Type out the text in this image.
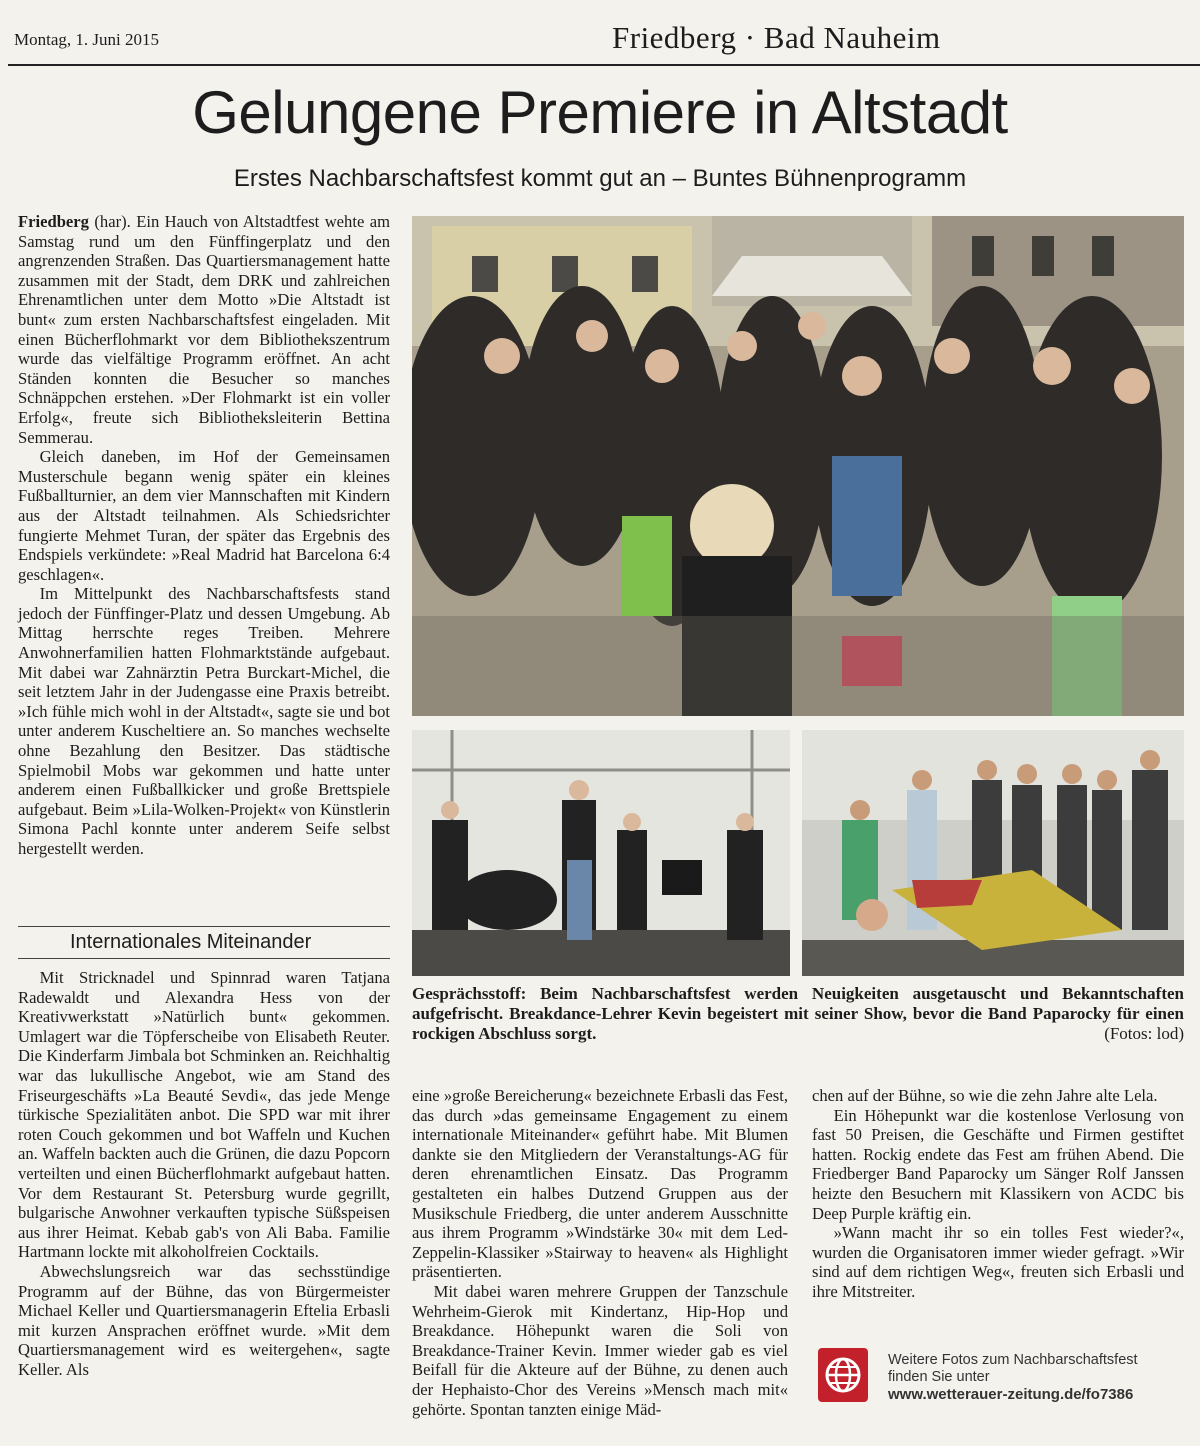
Montag, 1. Juni 2015	Friedberg · Bad Nauheim
Gelungene Premiere in Altstadt
Erstes Nachbarschaftsfest kommt gut an – Buntes Bühnenprogramm

Friedberg (har). Ein Hauch von Altstadtfest wehte am Samstag rund um den Fünffingerplatz und den angrenzenden Straßen. Das Quartiersmanagement hatte zusammen mit der Stadt, dem DRK und zahlreichen Ehrenamtlichen unter dem Motto »Die Altstadt ist bunt« zum ersten Nachbarschaftsfest eingeladen. Mit einen Bücherflohmarkt vor dem Bibliothekszentrum wurde das vielfältige Programm eröffnet. An acht Ständen konnten die Besucher so manches Schnäppchen erstehen. »Der Flohmarkt ist ein voller Erfolg«, freute sich Bibliotheksleiterin Bettina Semmerau.

Gleich daneben, im Hof der Gemeinsamen Musterschule begann wenig später ein kleines Fußballturnier, an dem vier Mannschaften mit Kindern aus der Altstadt teilnahmen. Als Schiedsrichter fungierte Mehmet Turan, der später das Ergebnis des Endspiels verkündete: »Real Madrid hat Barcelona 6:4 geschlagen«.

Im Mittelpunkt des Nachbarschaftsfests stand jedoch der Fünffinger-Platz und dessen Umgebung. Ab Mittag herrschte reges Treiben. Mehrere Anwohnerfamilien hatten Flohmarktstände aufgebaut. Mit dabei war Zahnärztin Petra Burckart-Michel, die seit letztem Jahr in der Judengasse eine Praxis betreibt. »Ich fühle mich wohl in der Altstadt«, sagte sie und bot unter anderem Kuscheltiere an. So manches wechselte ohne Bezahlung den Besitzer. Das städtische Spielmobil Mobs war gekommen und hatte unter anderem einen Fußballkicker und große Brettspiele aufgebaut. Beim »Lila-Wolken-Projekt« von Künstlerin Simona Pachl konnte unter anderem Seife selbst hergestellt werden.

Internationales Miteinander

Mit Stricknadel und Spinnrad waren Tatjana Radewaldt und Alexandra Hess von der Kreativwerkstatt »Natürlich bunt« gekommen. Umlagert war die Töpferscheibe von Elisabeth Reuter. Die Kinderfarm Jimbala bot Schminken an. Reichhaltig war das lukullische Angebot, wie am Stand des Friseurgeschäfts »La Beauté Sevdi«, das jede Menge türkische Spezialitäten anbot. Die SPD war mit ihrer roten Couch gekommen und bot Waffeln und Kuchen an. Waffeln backten auch die Grünen, die dazu Popcorn verteilten und einen Bücherflohmarkt aufgebaut hatten. Vor dem Restaurant St. Petersburg wurde gegrillt, bulgarische Anwohner verkauften typische Süßspeisen aus ihrer Heimat. Kebab gab's von Ali Baba. Familie Hartmann lockte mit alkoholfreien Cocktails.

Abwechslungsreich war das sechsstündige Programm auf der Bühne, das von Bürgermeister Michael Keller und Quartiersmanagerin Eftelia Erbasli mit kurzen Ansprachen eröffnet wurde. »Mit dem Quartiersmanagement wird es weitergehen«, sagte Keller. Als

Gesprächsstoff: Beim Nachbarschaftsfest werden Neuigkeiten ausgetauscht und Bekanntschaften aufgefrischt. Breakdance-Lehrer Kevin begeistert mit seiner Show, bevor die Band Paparocky für einen rockigen Abschluss sorgt.	(Fotos: lod)

eine »große Bereicherung« bezeichnete Erbasli das Fest, das durch »das gemeinsame Engagement zu einem internationale Miteinander« geführt habe. Mit Blumen dankte sie den Mitgliedern der Veranstaltungs-AG für deren ehrenamtlichen Einsatz. Das Programm gestalteten ein halbes Dutzend Gruppen aus der Musikschule Friedberg, die unter anderem Ausschnitte aus ihrem Programm »Windstärke 30« mit dem Led-Zeppelin-Klassiker »Stairway to heaven« als Highlight präsentierten.

Mit dabei waren mehrere Gruppen der Tanzschule Wehrheim-Gierok mit Kindertanz, Hip-Hop und Breakdance. Höhepunkt waren die Soli von Breakdance-Trainer Kevin. Immer wieder gab es viel Beifall für die Akteure auf der Bühne, zu denen auch der Hephaisto-Chor des Vereins »Mensch mach mit« gehörte. Spontan tanzten einige Mäd-

chen auf der Bühne, so wie die zehn Jahre alte Lela.

Ein Höhepunkt war die kostenlose Verlosung von fast 50 Preisen, die Geschäfte und Firmen gestiftet hatten. Rockig endete das Fest am frühen Abend. Die Friedberger Band Paparocky um Sänger Rolf Janssen heizte den Besuchern mit Klassikern von ACDC bis Deep Purple kräftig ein.

»Wann macht ihr so ein tolles Fest wieder?«, wurden die Organisatoren immer wieder gefragt. »Wir sind auf dem richtigen Weg«, freuten sich Erbasli und ihre Mitstreiter.

Weitere Fotos zum Nachbarschaftsfest
finden Sie unter
www.wetterauer-zeitung.de/fo7386
